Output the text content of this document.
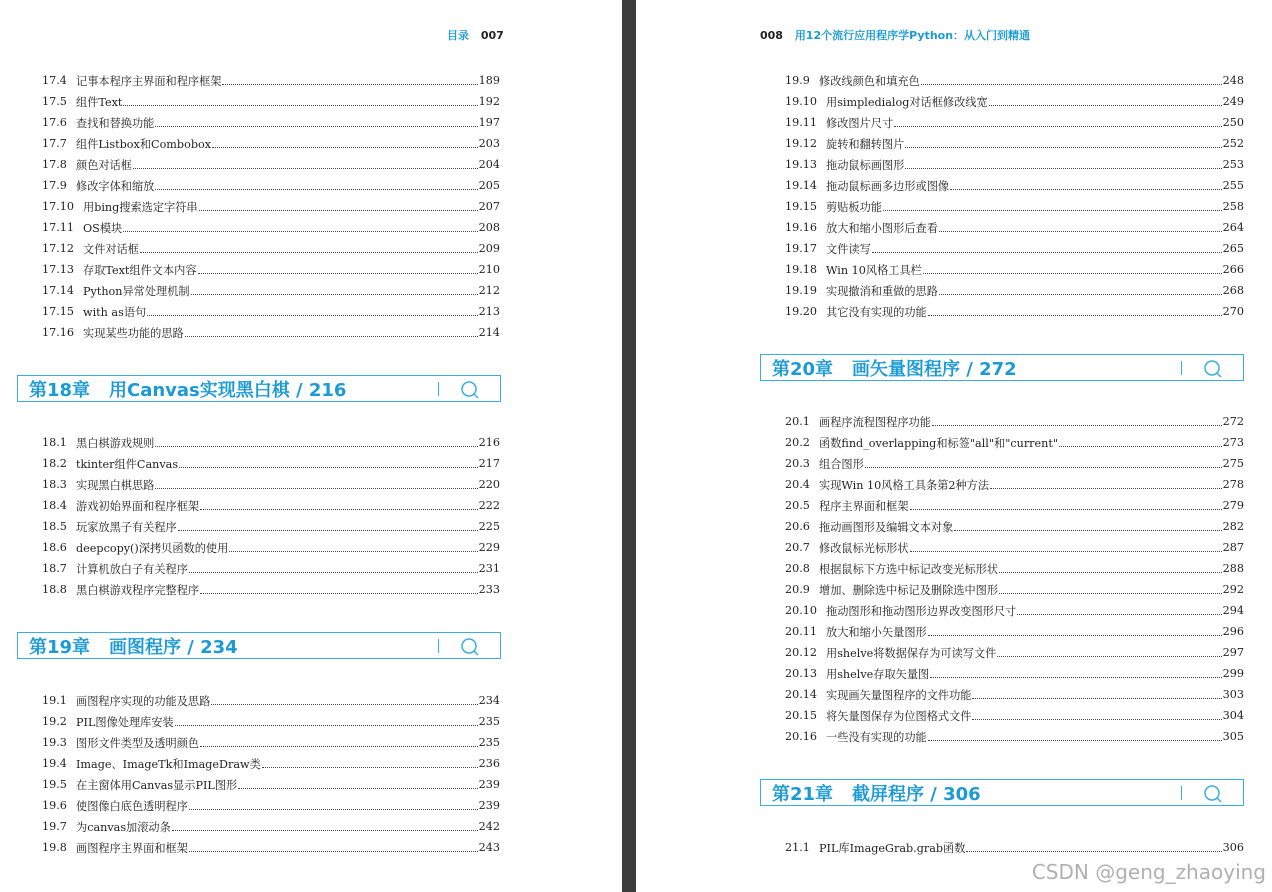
目录 007
17.4 记事本程序主界面和程序框架	189
17.5 组件Text	192
17.6 查找和替换功能	197
17.7 组件Listbox和Combobox	203
17.8 颜色对话框	204
17.9 修改字体和缩放	205
17.10 用bing搜索选定字符串	207
17.11 OS模块	208
17.12 文件对话框	209
17.13 存取Text组件文本内容	210
17.14 Python异常处理机制	212
17.15 with as语句	213
17.16 实现某些功能的思路	214
第18章	用Canvas实现黑白棋 / 216
18.1 黑白棋游戏规则	216
18.2 tkinter组件Canvas	217
18.3 实现黑白棋思路	220
18.4 游戏初始界面和程序框架	222
18.5 玩家放黑子有关程序	225
18.6 deepcopy()深拷贝函数的使用	229
18.7 计算机放白子有关程序	231
18.8 黑白棋游戏程序完整程序	233
第19章	画图程序 / 234
19.1 画图程序实现的功能及思路	234
19.2 PIL图像处理库安装	235
19.3 图形文件类型及透明颜色	235
19.4 Image、ImageTk和ImageDraw类	236
19.5 在主窗体用Canvas显示PIL图形	239
19.6 使图像白底色透明程序	239
19.7 为canvas加滚动条	242
19.8 画图程序主界面和框架	243
008 用12个流行应用程序学Python：从入门到精通
19.9 修改线颜色和填充色	248
19.10 用simpledialog对话框修改线宽	249
19.11 修改图片尺寸	250
19.12 旋转和翻转图片	252
19.13 拖动鼠标画图形	253
19.14 拖动鼠标画多边形或图像	255
19.15 剪贴板功能	258
19.16 放大和缩小图形后查看	264
19.17 文件读写	265
19.18 Win 10风格工具栏	266
19.19 实现撤消和重做的思路	268
19.20 其它没有实现的功能	270
第20章	画矢量图程序 / 272
20.1 画程序流程图程序功能	272
20.2 函数find_overlapping和标签"all"和"current"	273
20.3 组合图形	275
20.4 实现Win 10风格工具条第2种方法	278
20.5 程序主界面和框架	279
20.6 拖动画图形及编辑文本对象	282
20.7 修改鼠标光标形状	287
20.8 根据鼠标下方选中标记改变光标形状	288
20.9 增加、删除选中标记及删除选中图形	292
20.10 拖动图形和拖动图形边界改变图形尺寸	294
20.11 放大和缩小矢量图形	296
20.12 用shelve将数据保存为可读写文件	297
20.13 用shelve存取矢量图	299
20.14 实现画矢量图程序的文件功能	303
20.15 将矢量图保存为位图格式文件	304
20.16 一些没有实现的功能	305
第21章	截屏程序 / 306
21.1 PIL库ImageGrab.grab函数	306
CSDN @geng_zhaoying
